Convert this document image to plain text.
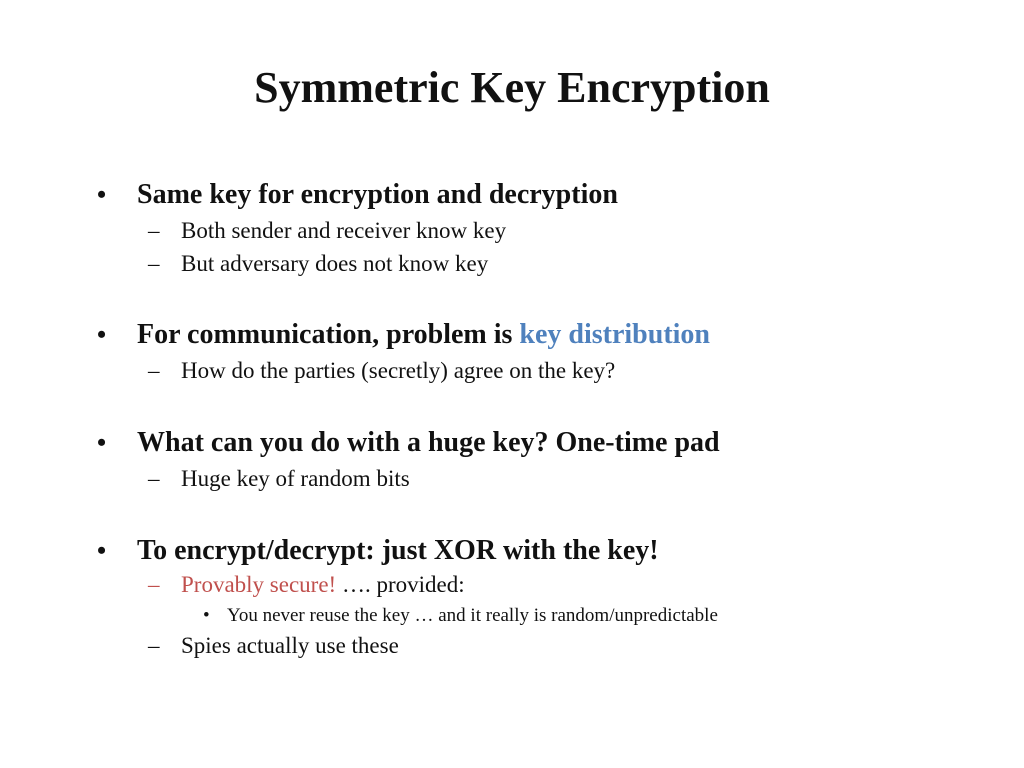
Symmetric Key Encryption
• Same key for encryption and decryption
– Both sender and receiver know key
– But adversary does not know key
• For communication, problem is key distribution
– How do the parties (secretly) agree on the key?
• What can you do with a huge key? One-time pad
– Huge key of random bits
• To encrypt/decrypt: just XOR with the key!
– Provably secure! …. provided:
• You never reuse the key … and it really is random/unpredictable
– Spies actually use these
